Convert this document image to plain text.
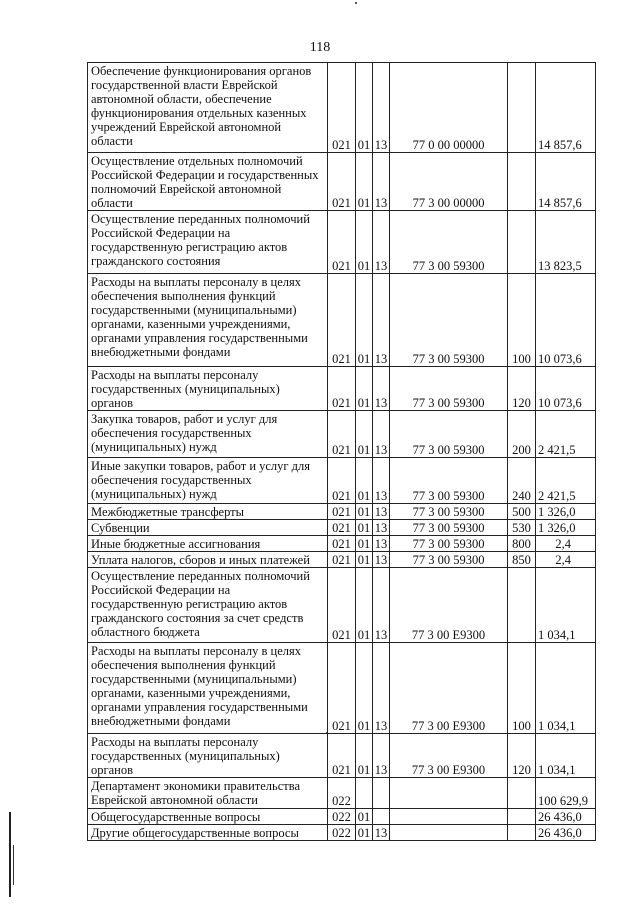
118
Обеспечение функционирования органов государственной власти Еврейской автономной области, обеспечение функционирования отдельных казенных учреждений Еврейской автономной области	021	01	13	77 0 00 00000		14 857,6
Осуществление отдельных полномочий Российской Федерации и государственных полномочий Еврейской автономной области	021	01	13	77 3 00 00000		14 857,6
Осуществление переданных полномочий Российской Федерации на государственную регистрацию актов гражданского состояния	021	01	13	77 3 00 59300		13 823,5
Расходы на выплаты персоналу в целях обеспечения выполнения функций государственными (муниципальными) органами, казенными учреждениями, органами управления государственными внебюджетными фондами	021	01	13	77 3 00 59300	100	10 073,6
Расходы на выплаты персоналу государственных (муниципальных) органов	021	01	13	77 3 00 59300	120	10 073,6
Закупка товаров, работ и услуг для обеспечения государственных (муниципальных) нужд	021	01	13	77 3 00 59300	200	2 421,5
Иные закупки товаров, работ и услуг для обеспечения государственных (муниципальных) нужд	021	01	13	77 3 00 59300	240	2 421,5
Межбюджетные трансферты	021	01	13	77 3 00 59300	500	1 326,0
Субвенции	021	01	13	77 3 00 59300	530	1 326,0
Иные бюджетные ассигнования	021	01	13	77 3 00 59300	800	2,4
Уплата налогов, сборов и иных платежей	021	01	13	77 3 00 59300	850	2,4
Осуществление переданных полномочий Российской Федерации на государственную регистрацию актов гражданского состояния за счет средств областного бюджета	021	01	13	77 3 00 E9300		1 034,1
Расходы на выплаты персоналу в целях обеспечения выполнения функций государственными (муниципальными) органами, казенными учреждениями, органами управления государственными внебюджетными фондами	021	01	13	77 3 00 E9300	100	1 034,1
Расходы на выплаты персоналу государственных (муниципальных) органов	021	01	13	77 3 00 E9300	120	1 034,1
Департамент экономики правительства Еврейской автономной области	022					100 629,9
Общегосударственные вопросы	022	01				26 436,0
Другие общегосударственные вопросы	022	01	13			26 436,0
